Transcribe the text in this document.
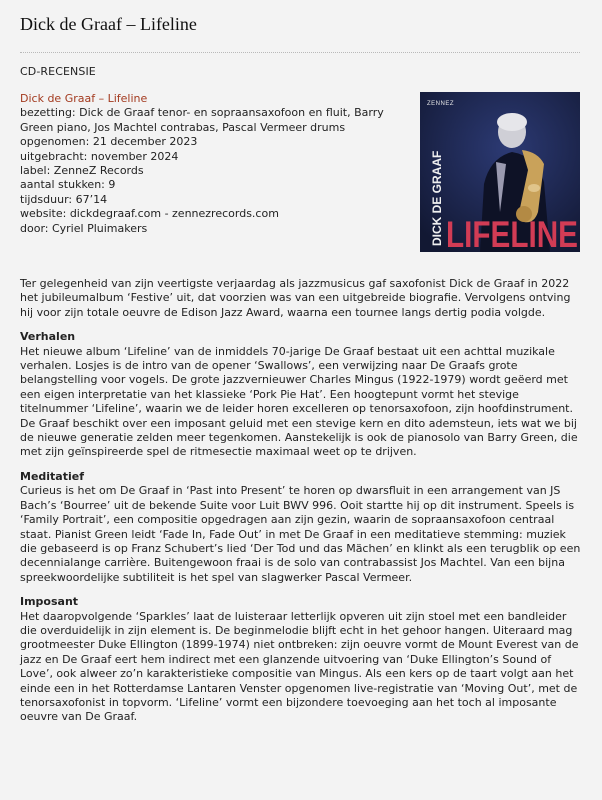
Dick de Graaf – Lifeline
CD-RECENSIE
Dick de Graaf – Lifeline
bezetting: Dick de Graaf tenor- en sopraansaxofoon en fluit, Barry
Green piano, Jos Machtel contrabas, Pascal Vermeer drums
opgenomen: 21 december 2023
uitgebracht: november 2024
label: ZenneZ Records
aantal stukken: 9
tijdsduur: 67’14
website: dickdegraaf.com - zennezrecords.com
door: Cyriel Pluimakers
ZENNEZ
DICK DE GRAAF LIFELINE

Ter gelegenheid van zijn veertigste verjaardag als jazzmusicus gaf saxofonist Dick de Graaf in 2022 het jubileumalbum ‘Festive’ uit, dat voorzien was van een uitgebreide biografie. Vervolgens ontving hij voor zijn totale oeuvre de Edison Jazz Award, waarna een tournee langs dertig podia volgde.

Verhalen

Het nieuwe album ‘Lifeline’ van de inmiddels 70-jarige De Graaf bestaat uit een achttal muzikale verhalen. Losjes is de intro van de opener ‘Swallows’, een verwijzing naar De Graafs grote belangstelling voor vogels. De grote jazzvernieuwer Charles Mingus (1922-1979) wordt geëerd met een eigen interpretatie van het klassieke ‘Pork Pie Hat’. Een hoogtepunt vormt het stevige titelnummer ‘Lifeline’, waarin we de leider horen excelleren op tenorsaxofoon, zijn hoofdinstrument. De Graaf beschikt over een imposant geluid met een stevige kern en dito ademsteun, iets wat we bij de nieuwe generatie zelden meer tegenkomen. Aanstekelijk is ook de pianosolo van Barry Green, die met zijn geïnspireerde spel de ritmesectie maximaal weet op te drijven.

Meditatief

Curieus is het om De Graaf in ‘Past into Present’ te horen op dwarsfluit in een arrangement van JS Bach’s ‘Bourree’ uit de bekende Suite voor Luit BWV 996. Ooit startte hij op dit instrument. Speels is ‘Family Portrait’, een compositie opgedragen aan zijn gezin, waarin de sopraansaxofoon centraal staat. Pianist Green leidt ‘Fade In, Fade Out’ in met De Graaf in een meditatieve stemming: muziek die gebaseerd is op Franz Schubert’s lied ‘Der Tod und das Mächen’ en klinkt als een terugblik op een decennialange carrière. Buitengewoon fraai is de solo van contrabassist Jos Machtel. Van een bijna spreekwoordelijke subtiliteit is het spel van slagwerker Pascal Vermeer.

Imposant

Het daaropvolgende ‘Sparkles’ laat de luisteraar letterlijk opveren uit zijn stoel met een bandleider die overduidelijk in zijn element is. De beginmelodie blijft echt in het gehoor hangen. Uiteraard mag grootmeester Duke Ellington (1899-1974) niet ontbreken: zijn oeuvre vormt de Mount Everest van de jazz en De Graaf eert hem indirect met een glanzende uitvoering van ‘Duke Ellington’s Sound of Love’, ook alweer zo’n karakteristieke compositie van Mingus. Als een kers op de taart volgt aan het einde een in het Rotterdamse Lantaren Venster opgenomen live-registratie van ‘Moving Out’, met de tenorsaxofonist in topvorm. ‘Lifeline’ vormt een bijzondere toevoeging aan het toch al imposante oeuvre van De Graaf.
